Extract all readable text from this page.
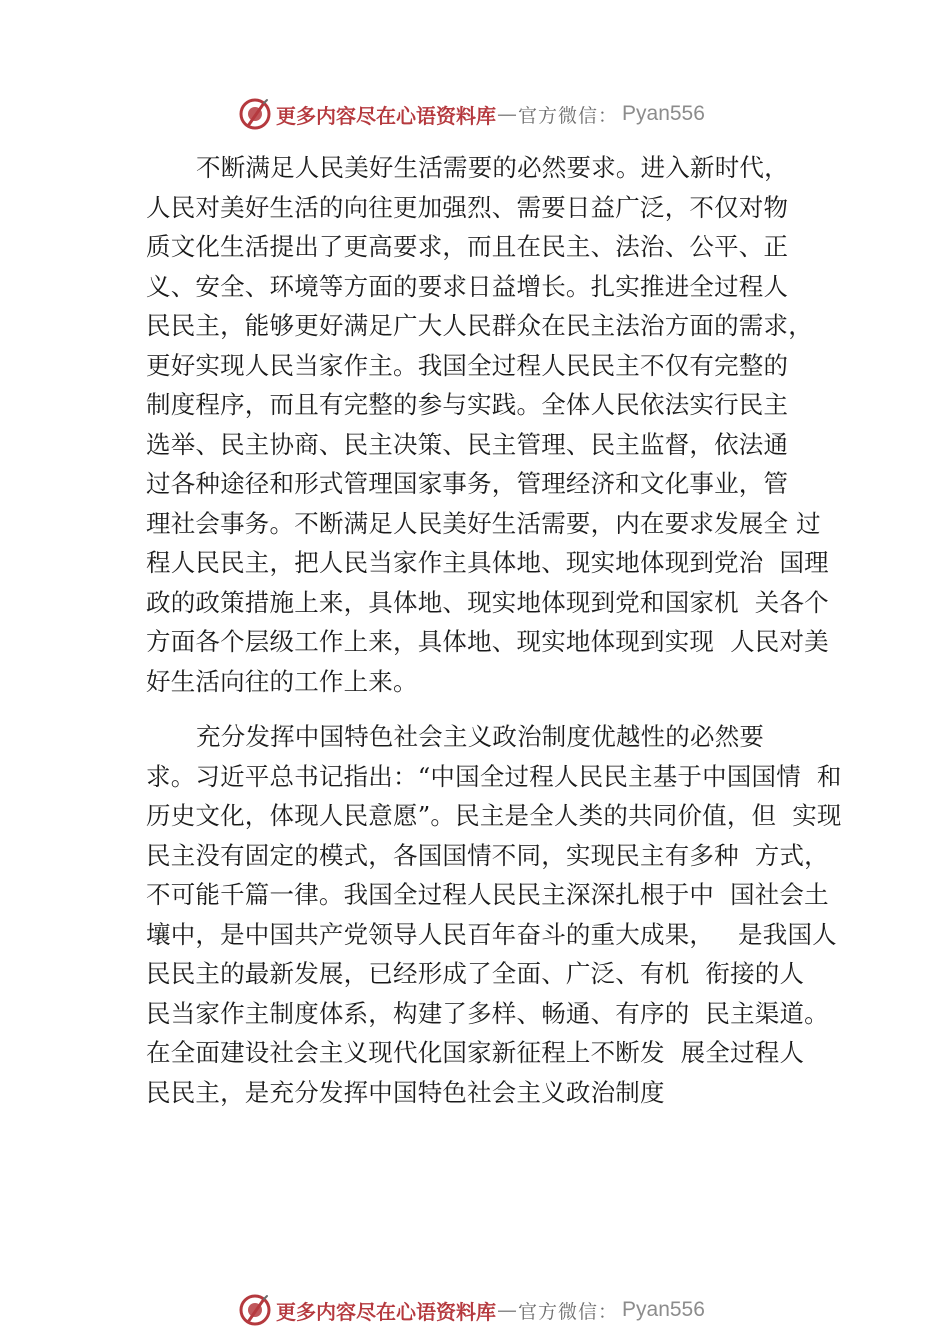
更多内容尽在心语资料库 — 官方微信： Pyan556
不断满足人民美好生活需要的必然要求。进入新时代，
人民对美好生活的向往更加强烈、需要日益广泛，不仅对物
质文化生活提出了更高要求，而且在民主、法治、公平、正
义、安全、环境等方面的要求日益增长。扎实推进全过程人
民民主，能够更好满足广大人民群众在民主法治方面的需求，
更好实现人民当家作主。我国全过程人民民主不仅有完整的
制度程序，而且有完整的参与实践。全体人民依法实行民主
选举、民主协商、民主决策、民主管理、民主监督，依法通
过各种途径和形式管理国家事务，管理经济和文化事业，管
理社会事务。不断满足人民美好生活需要，内在要求发展全 过
程人民民主，把人民当家作主具体地、现实地体现到党治  国理
政的政策措施上来，具体地、现实地体现到党和国家机  关各个
方面各个层级工作上来，具体地、现实地体现到实现  人民对美
好生活向往的工作上来。
充分发挥中国特色社会主义政治制度优越性的必然要
求。习近平总书记指出：“中国全过程人民民主基于中国国情  和
历史文化，体现人民意愿”。民主是全人类的共同价值，但  实现
民主没有固定的模式，各国国情不同，实现民主有多种  方式，
不可能千篇一律。我国全过程人民民主深深扎根于中  国社会土
壤中，是中国共产党领导人民百年奋斗的重大成果，   是我国人
民民主的最新发展，已经形成了全面、广泛、有机  衔接的人
民当家作主制度体系，构建了多样、畅通、有序的  民主渠道。
在全面建设社会主义现代化国家新征程上不断发  展全过程人
民民主，是充分发挥中国特色社会主义政治制度
更多内容尽在心语资料库 — 官方微信： Pyan556
